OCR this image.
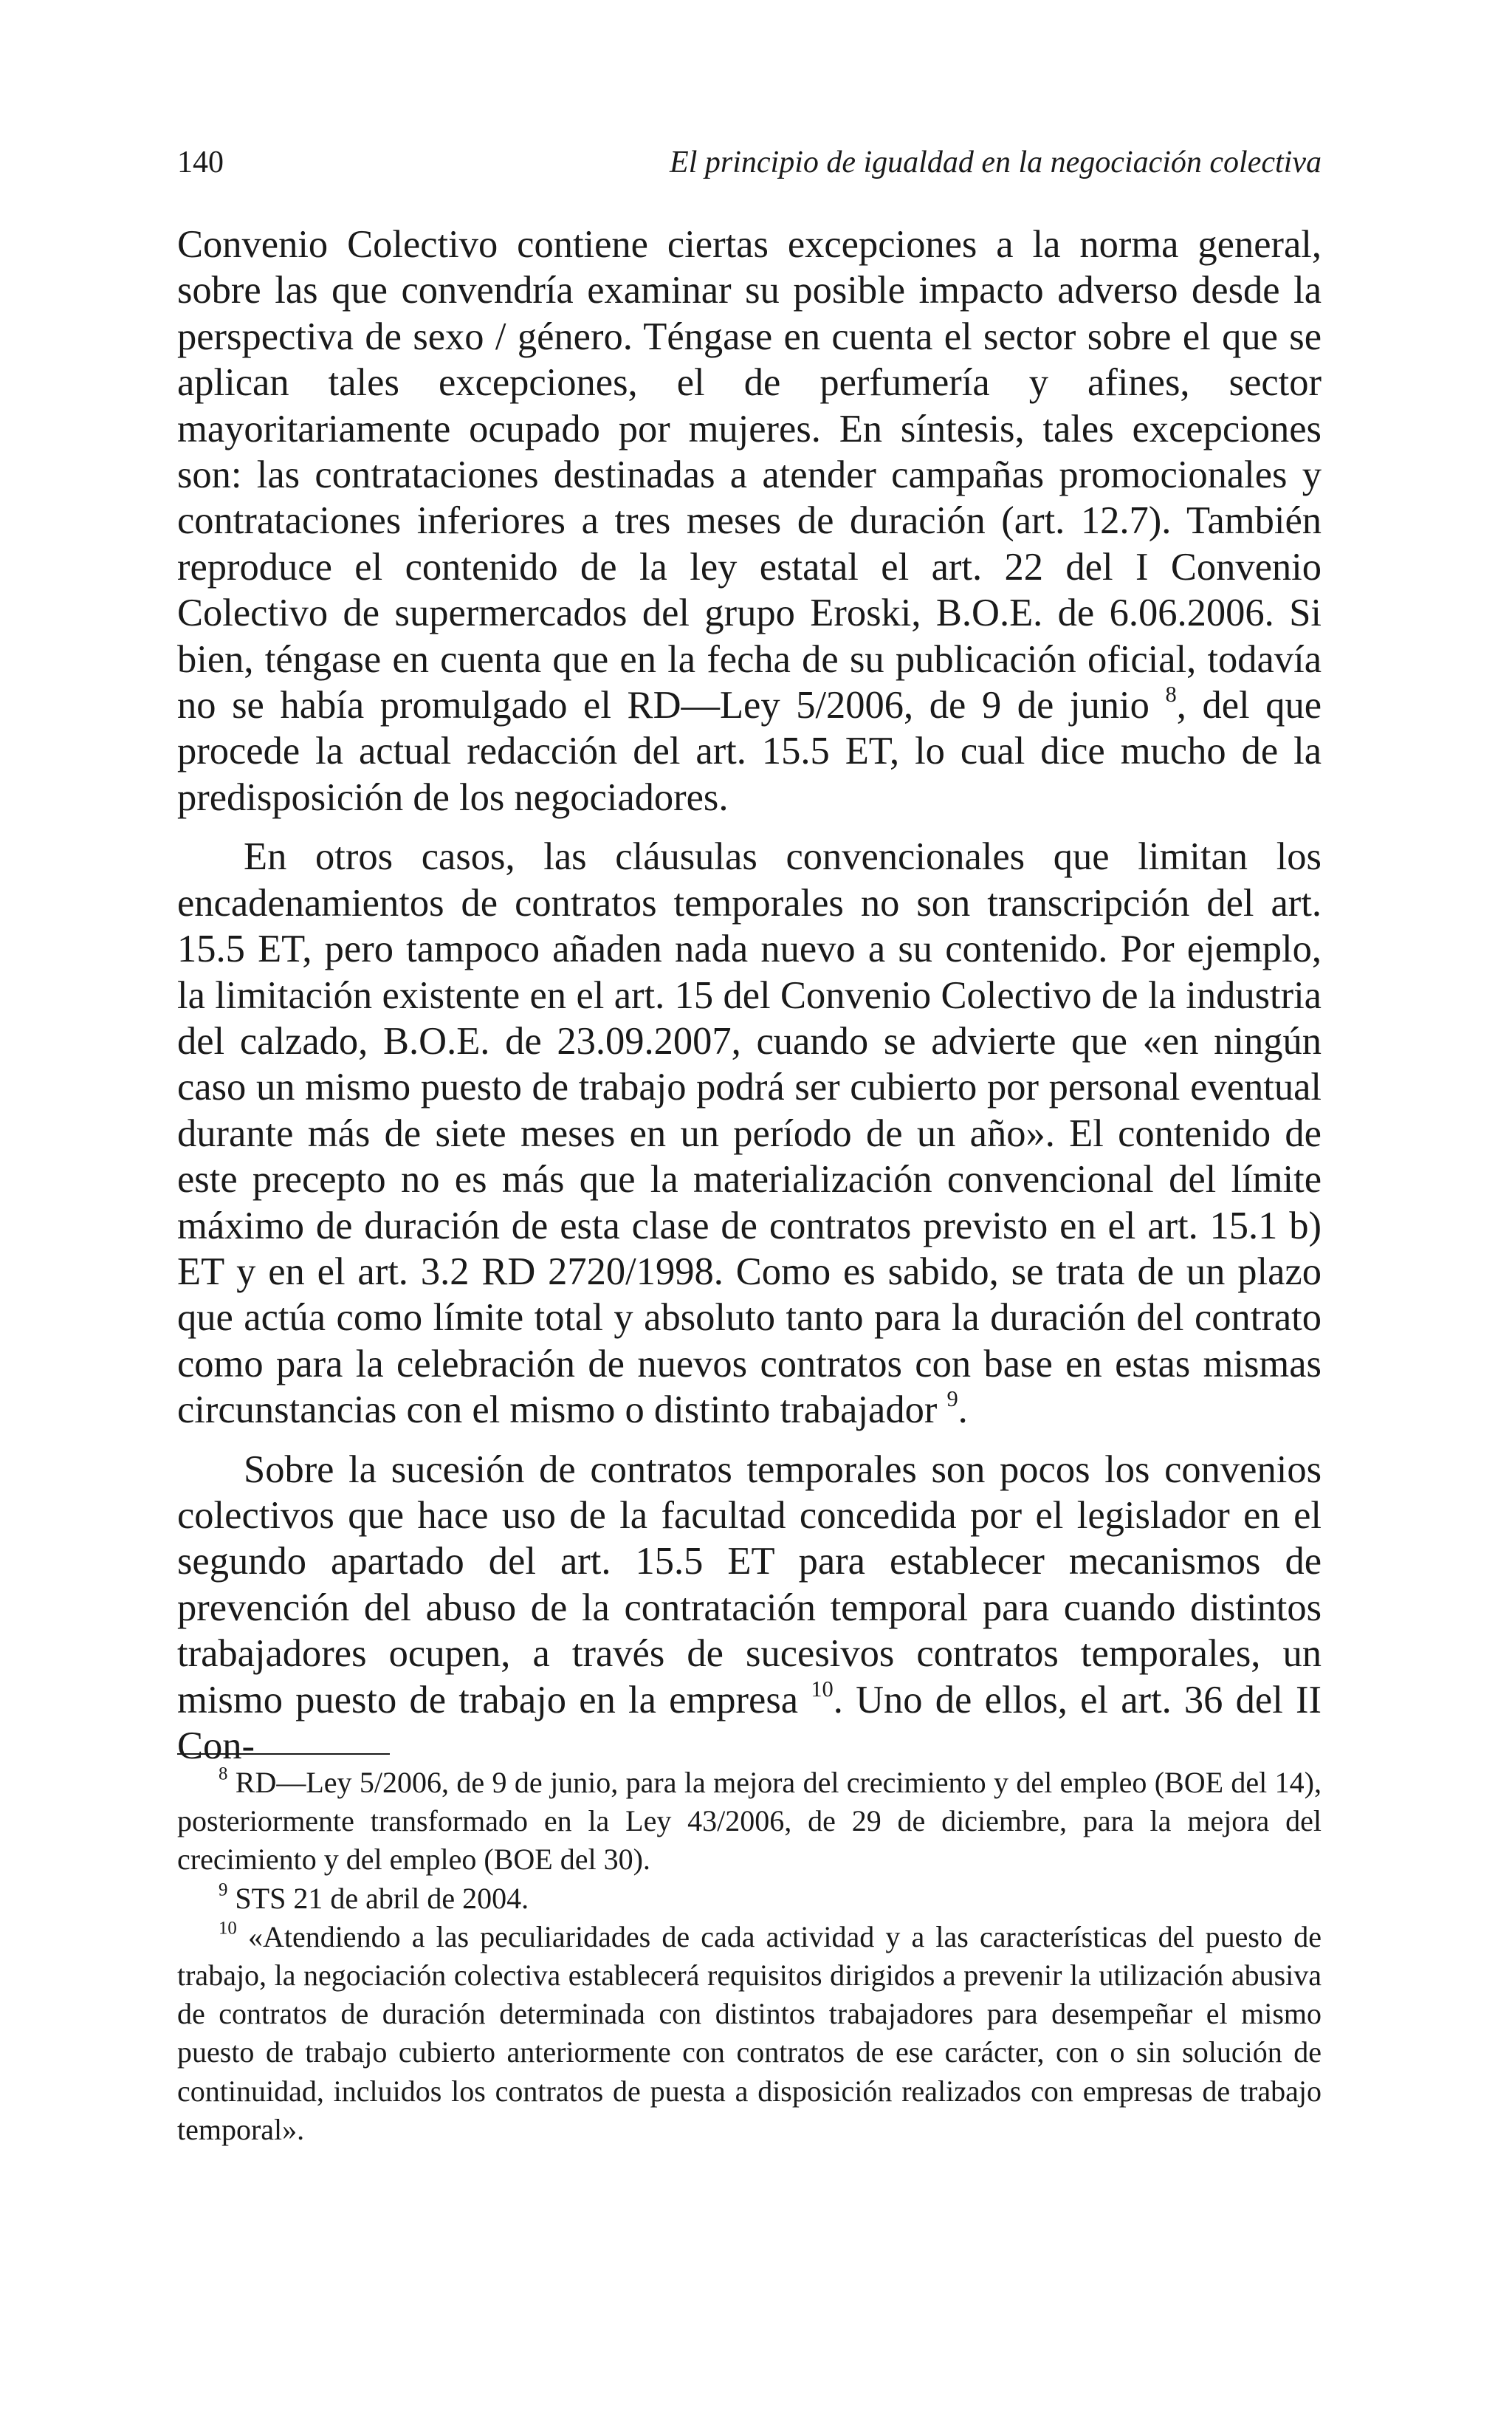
140	El principio de igualdad en la negociación colectiva

Convenio Colectivo contiene ciertas excepciones a la norma general, sobre las que convendría examinar su posible impacto adverso desde la perspectiva de sexo / género. Téngase en cuenta el sector sobre el que se aplican tales excepciones, el de perfumería y afines, sector mayoritariamente ocupado por mujeres. En síntesis, tales excepciones son: las contrataciones destinadas a atender campañas promocionales y contrataciones inferiores a tres meses de duración (art. 12.7). También reproduce el contenido de la ley estatal el art. 22 del I Convenio Colectivo de supermercados del grupo Eroski, B.O.E. de 6.06.2006. Si bien, téngase en cuenta que en la fecha de su publicación oficial, todavía no se había promulgado el RD—Ley 5/2006, de 9 de junio $^8$, del que procede la actual redacción del art. 15.5 ET, lo cual dice mucho de la predisposición de los negociadores.

En otros casos, las cláusulas convencionales que limitan los encadenamientos de contratos temporales no son transcripción del art. 15.5 ET, pero tampoco añaden nada nuevo a su contenido. Por ejemplo, la limitación existente en el art. 15 del Convenio Colectivo de la industria del calzado, B.O.E. de 23.09.2007, cuando se advierte que «en ningún caso un mismo puesto de trabajo podrá ser cubierto por personal eventual durante más de siete meses en un período de un año». El contenido de este precepto no es más que la materialización convencional del límite máximo de duración de esta clase de contratos previsto en el art. 15.1 b) ET y en el art. 3.2 RD 2720/1998. Como es sabido, se trata de un plazo que actúa como límite total y absoluto tanto para la duración del contrato como para la celebración de nuevos contratos con base en estas mismas circunstancias con el mismo o distinto trabajador $^9$.

Sobre la sucesión de contratos temporales son pocos los convenios colectivos que hace uso de la facultad concedida por el legislador en el segundo apartado del art. 15.5 ET para establecer mecanismos de prevención del abuso de la contratación temporal para cuando distintos trabajadores ocupen, a través de sucesivos contratos temporales, un mismo puesto de trabajo en la empresa $^{10}$. Uno de ellos, el art. 36 del II Con-

$^8$ RD—Ley 5/2006, de 9 de junio, para la mejora del crecimiento y del empleo (BOE del 14), posteriormente transformado en la Ley 43/2006, de 29 de diciembre, para la mejora del crecimiento y del empleo (BOE del 30).

$^9$ STS 21 de abril de 2004.

$^{10}$ «Atendiendo a las peculiaridades de cada actividad y a las características del puesto de trabajo, la negociación colectiva establecerá requisitos dirigidos a prevenir la utilización abusiva de contratos de duración determinada con distintos trabajadores para desempeñar el mismo puesto de trabajo cubierto anteriormente con contratos de ese carácter, con o sin solución de continuidad, incluidos los contratos de puesta a disposición realizados con empresas de trabajo temporal».
